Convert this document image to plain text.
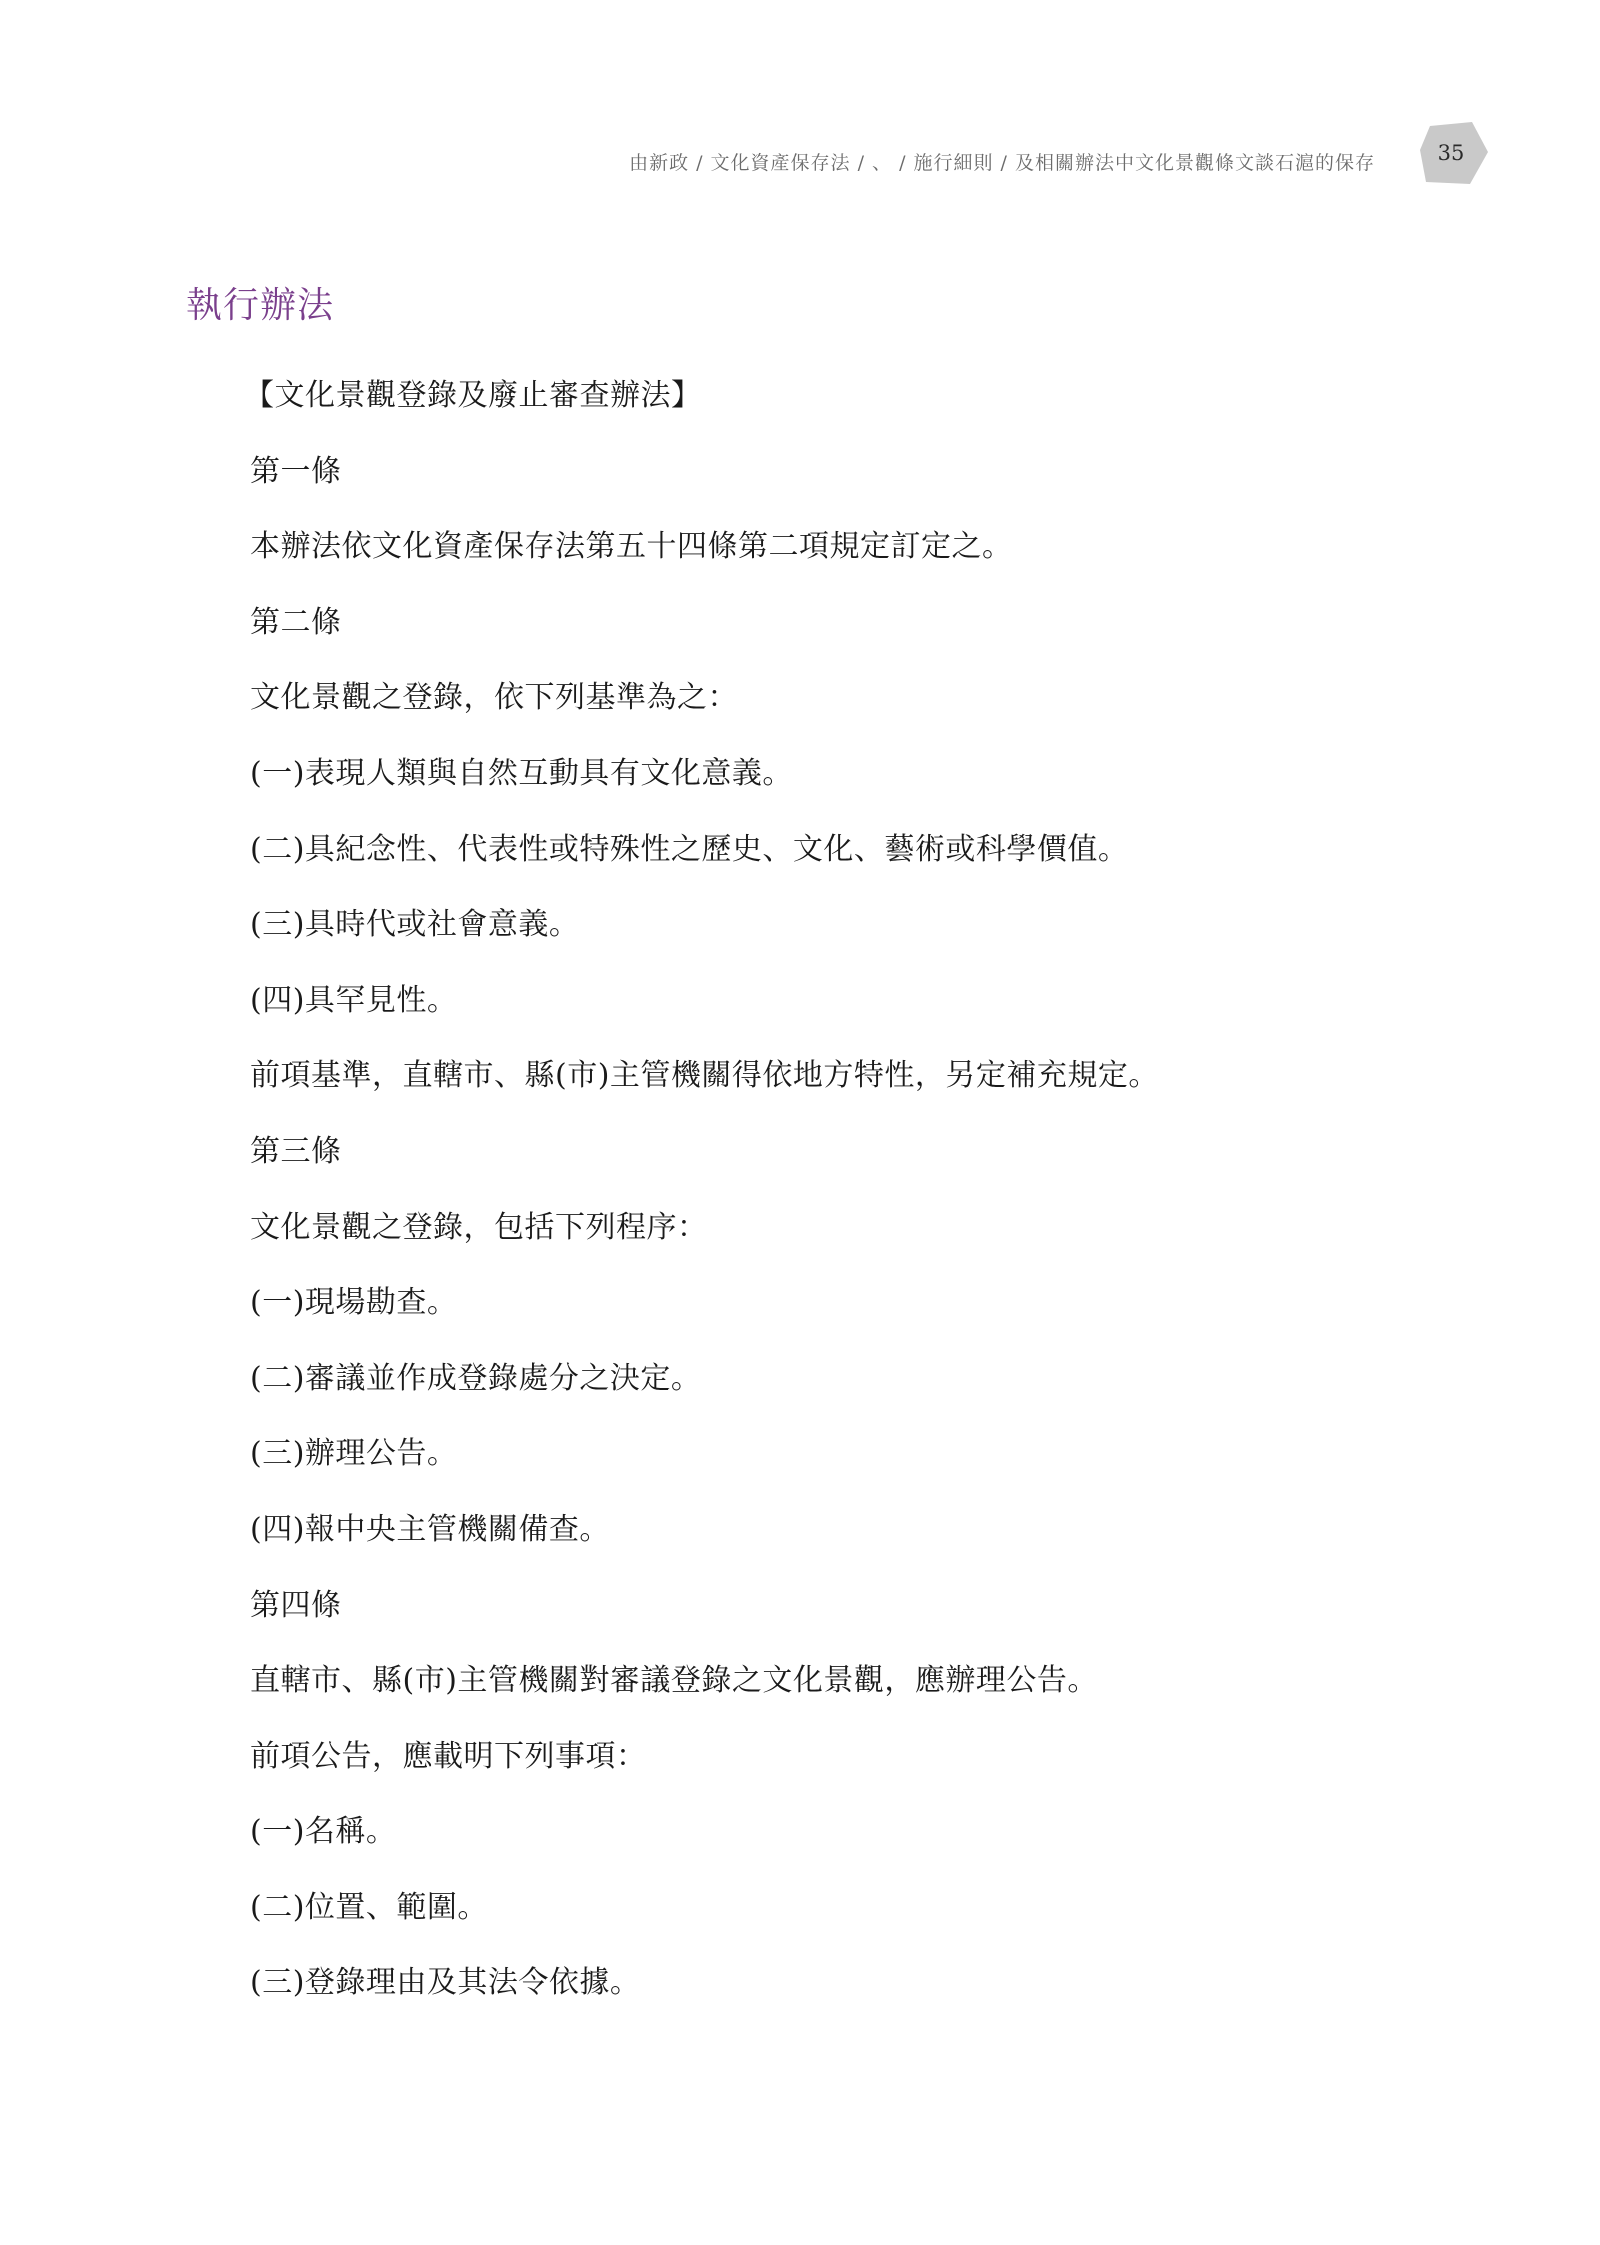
由新政 / 文化資產保存法 / 、 / 施行細則 / 及相關辦法中文化景觀條文談石滬的保存	35
執行辦法
【文化景觀登錄及廢止審查辦法】
第一條
本辦法依文化資產保存法第五十四條第二項規定訂定之。
第二條
文化景觀之登錄，依下列基準為之：
(一)表現人類與自然互動具有文化意義。
(二)具紀念性、代表性或特殊性之歷史、文化、藝術或科學價值。
(三)具時代或社會意義。
(四)具罕見性。
前項基準，直轄市、縣(市)主管機關得依地方特性，另定補充規定。
第三條
文化景觀之登錄，包括下列程序：
(一)現場勘查。
(二)審議並作成登錄處分之決定。
(三)辦理公告。
(四)報中央主管機關備查。
第四條
直轄市、縣(市)主管機關對審議登錄之文化景觀，應辦理公告。
前項公告，應載明下列事項：
(一)名稱。
(二)位置、範圍。
(三)登錄理由及其法令依據。
